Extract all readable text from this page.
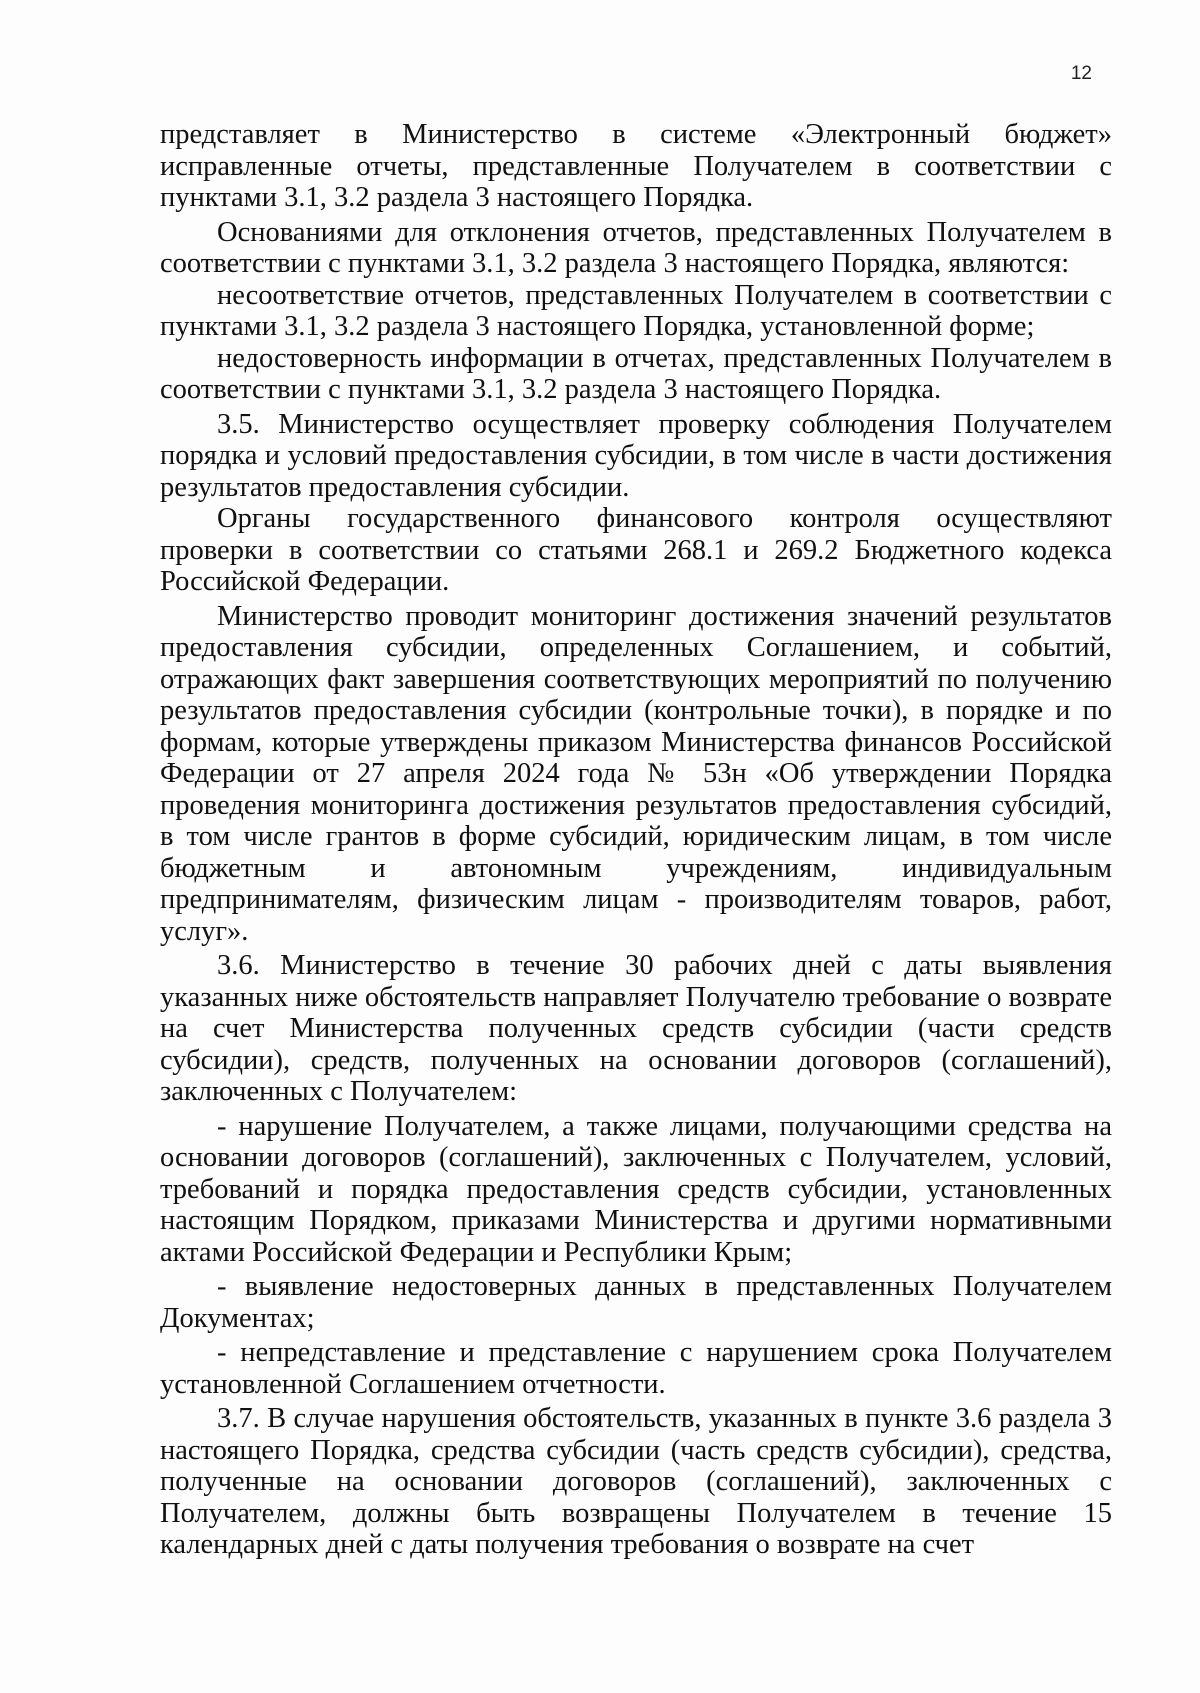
12

представляет в Министерство в системе «Электронный бюджет» исправленные отчеты, представленные Получателем в соответствии с пунктами 3.1, 3.2 раздела 3 настоящего Порядка.

Основаниями для отклонения отчетов, представленных Получателем в соответствии с пунктами 3.1, 3.2 раздела 3 настоящего Порядка, являются:

несоответствие отчетов, представленных Получателем в соответствии с пунктами 3.1, 3.2 раздела 3 настоящего Порядка, установленной форме;

недостоверность информации в отчетах, представленных Получателем в соответствии с пунктами 3.1, 3.2 раздела 3 настоящего Порядка.

3.5. Министерство осуществляет проверку соблюдения Получателем порядка и условий предоставления субсидии, в том числе в части достижения результатов предоставления субсидии.

Органы государственного финансового контроля осуществляют проверки в соответствии со статьями 268.1 и 269.2 Бюджетного кодекса Российской Федерации.

Министерство проводит мониторинг достижения значений результатов предоставления субсидии, определенных Соглашением, и событий, отражающих факт завершения соответствующих мероприятий по получению результатов предоставления субсидии (контрольные точки), в порядке и по формам, которые утверждены приказом Министерства финансов Российской Федерации от 27 апреля 2024 года № 53н «Об утверждении Порядка проведения мониторинга достижения результатов предоставления субсидий, в том числе грантов в форме субсидий, юридическим лицам, в том числе бюджетным и автономным учреждениям, индивидуальным предпринимателям, физическим лицам - производителям товаров, работ, услуг».

3.6. Министерство в течение 30 рабочих дней с даты выявления указанных ниже обстоятельств направляет Получателю требование о возврате на счет Министерства полученных средств субсидии (части средств субсидии), средств, полученных на основании договоров (соглашений), заключенных с Получателем:

- нарушение Получателем, а также лицами, получающими средства на основании договоров (соглашений), заключенных с Получателем, условий, требований и порядка предоставления средств субсидии, установленных настоящим Порядком, приказами Министерства и другими нормативными актами Российской Федерации и Республики Крым;

- выявление недостоверных данных в представленных Получателем Документах;

- непредставление и представление с нарушением срока Получателем установленной Соглашением отчетности.

3.7. В случае нарушения обстоятельств, указанных в пункте 3.6 раздела 3 настоящего Порядка, средства субсидии (часть средств субсидии), средства, полученные на основании договоров (соглашений), заключенных с Получателем, должны быть возвращены Получателем в течение 15 календарных дней с даты получения требования о возврате на счет
